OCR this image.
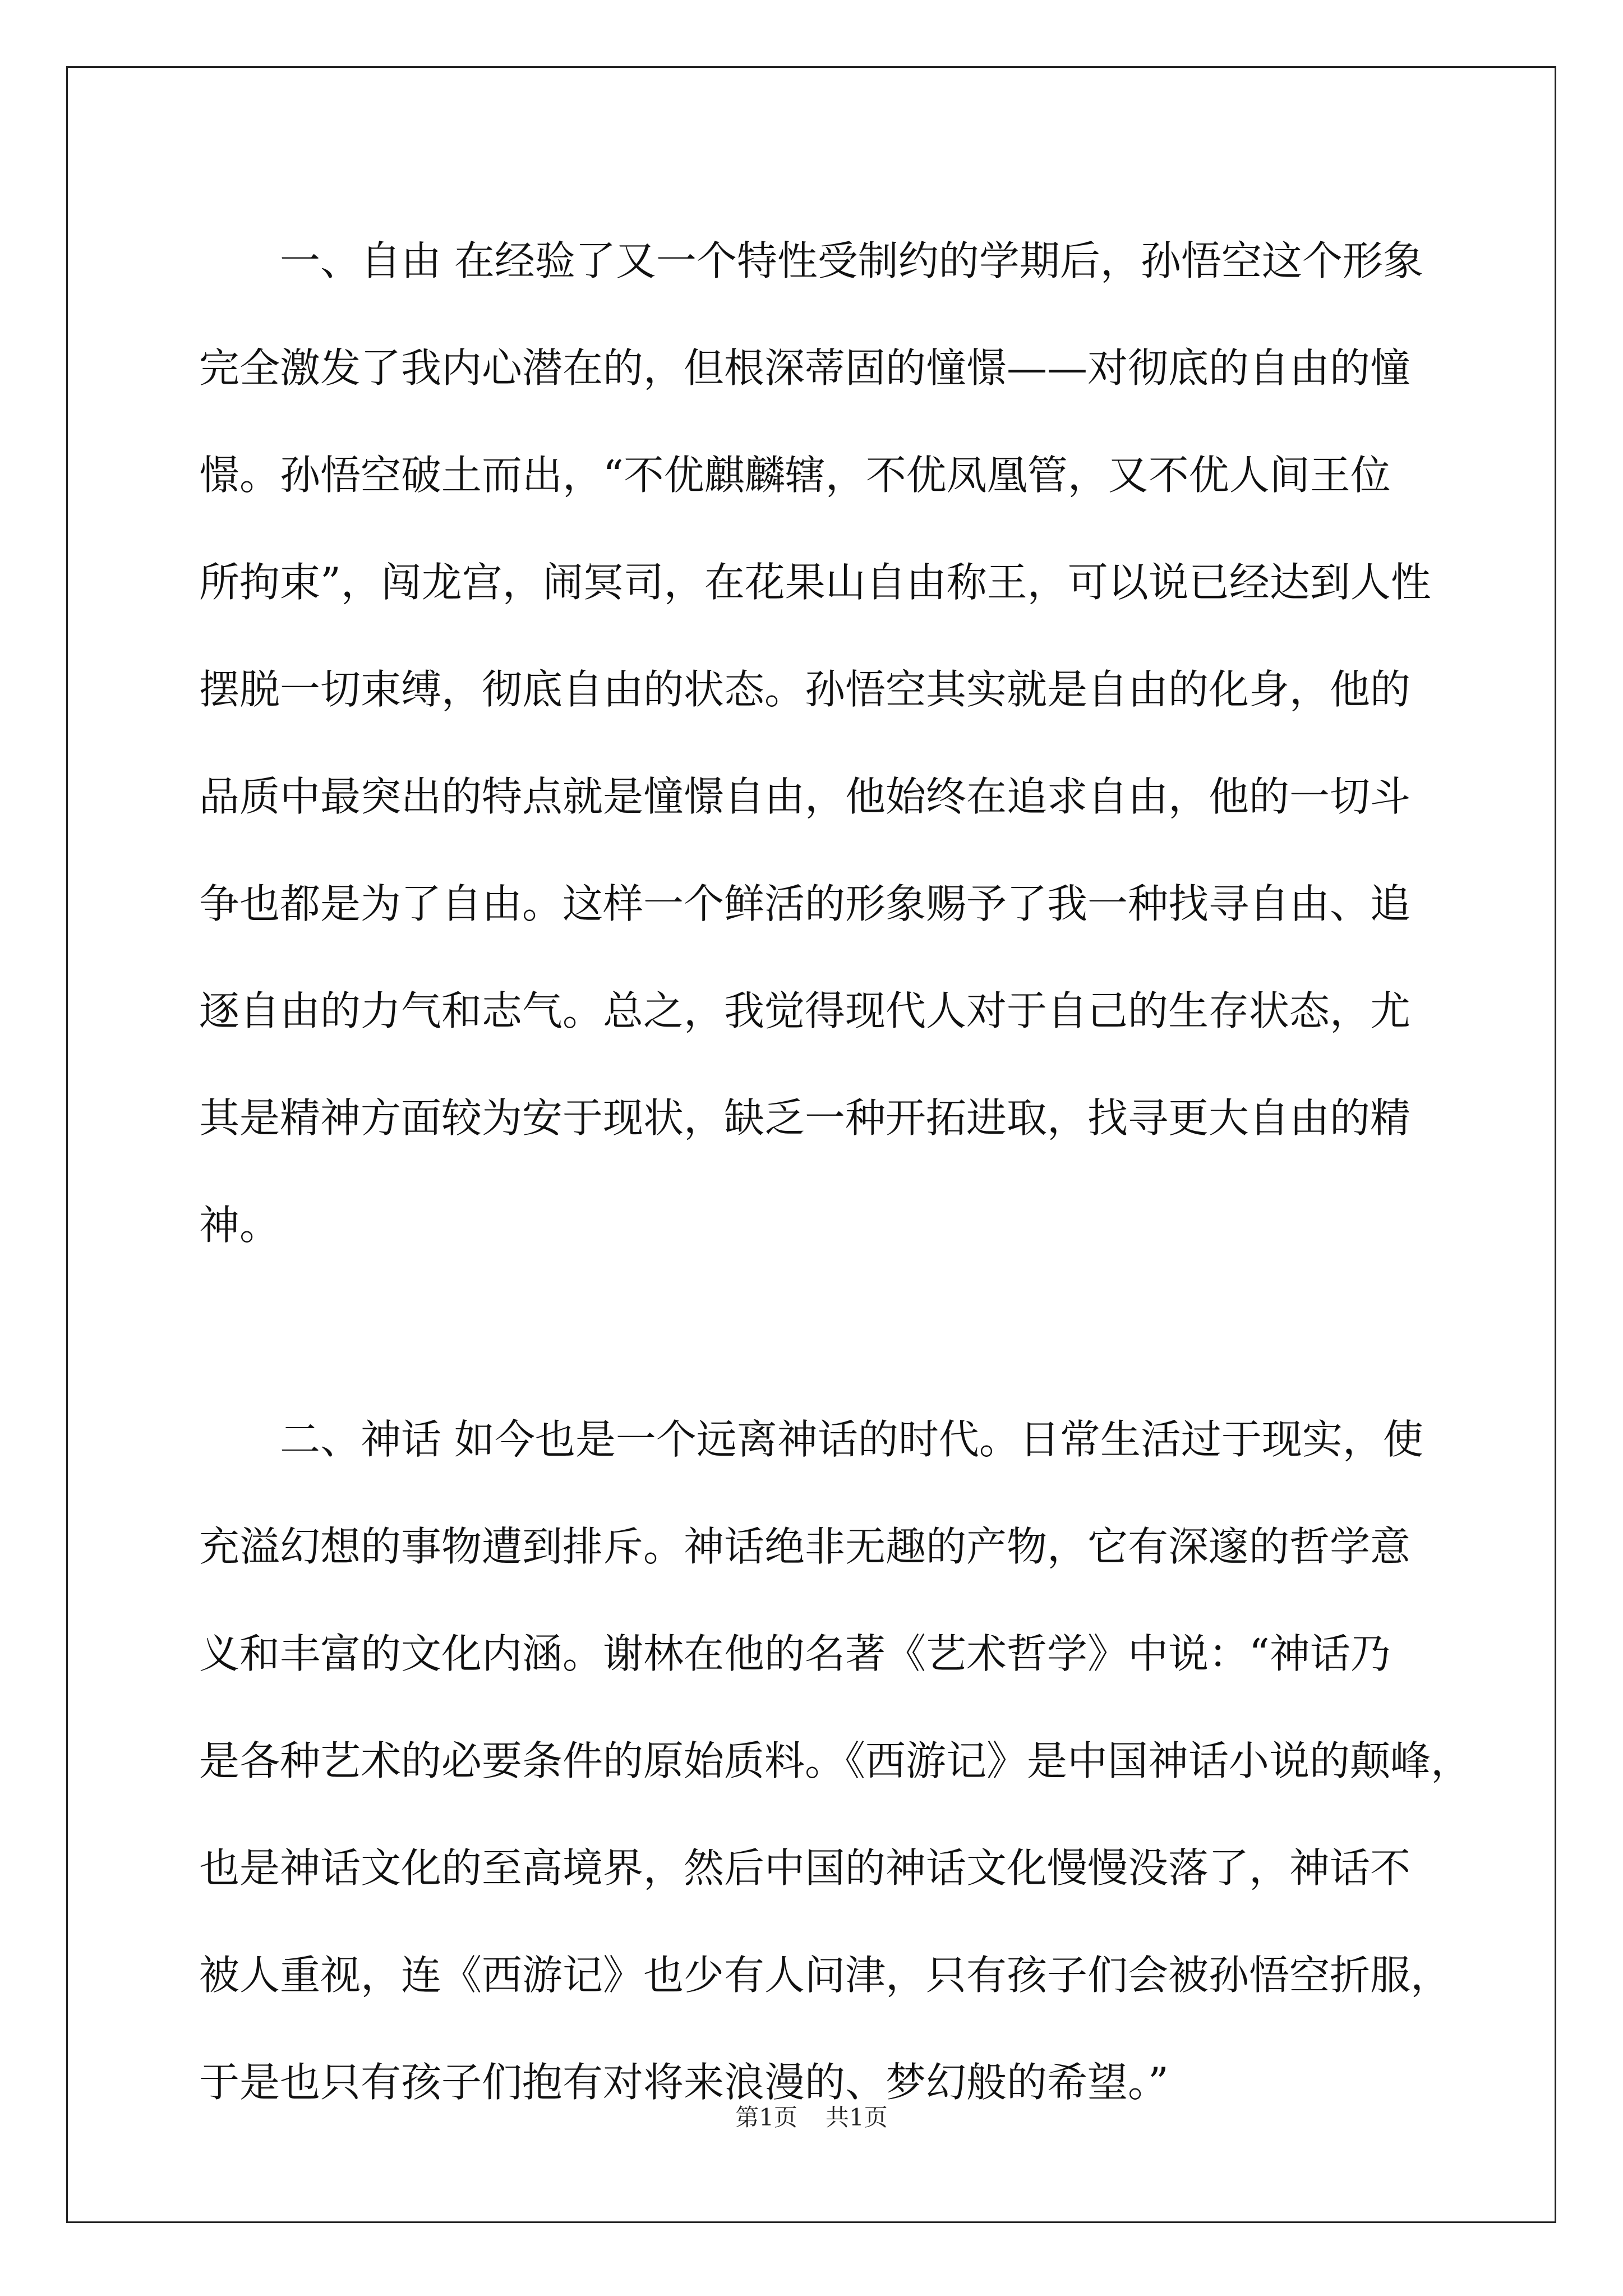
一、自由 在经验了又一个特性受制约的学期后，孙悟空这个形象
完全激发了我内心潜在的，但根深蒂固的憧憬——对彻底的自由的憧
憬。孙悟空破土而出，“不优麒麟辖，不优凤凰管，又不优人间王位
所拘束”，闯龙宫，闹冥司，在花果山自由称王，可以说已经达到人性
摆脱一切束缚，彻底自由的状态。孙悟空其实就是自由的化身，他的
品质中最突出的特点就是憧憬自由，他始终在追求自由，他的一切斗
争也都是为了自由。这样一个鲜活的形象赐予了我一种找寻自由、追
逐自由的力气和志气。总之，我觉得现代人对于自己的生存状态，尤
其是精神方面较为安于现状，缺乏一种开拓进取，找寻更大自由的精
神。
二、神话 如今也是一个远离神话的时代。日常生活过于现实，使
充溢幻想的事物遭到排斥。神话绝非无趣的产物，它有深邃的哲学意
义和丰富的文化内涵。谢林在他的名著《艺术哲学》中说：“神话乃
是各种艺术的必要条件的原始质料。《西游记》是中国神话小说的颠峰，
也是神话文化的至高境界，然后中国的神话文化慢慢没落了，神话不
被人重视，连《西游记》也少有人问津，只有孩子们会被孙悟空折服，
于是也只有孩子们抱有对将来浪漫的、梦幻般的希望。”
第1页 共1页
